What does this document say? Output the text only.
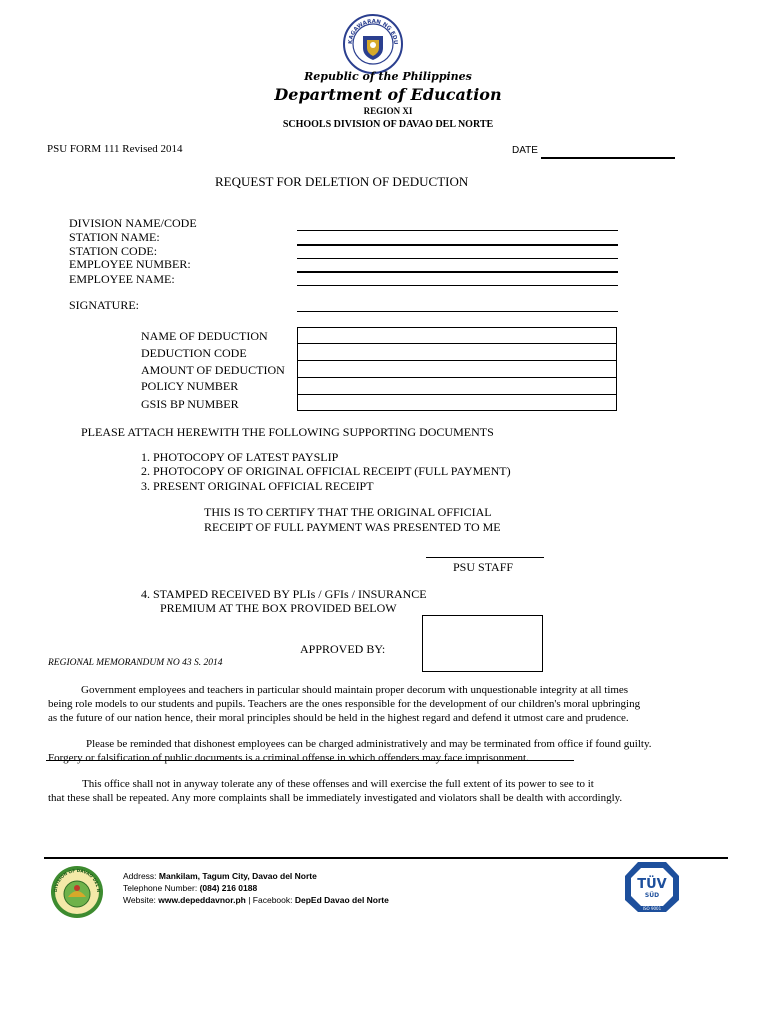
KAGAWARAN NG EDU
Republic of the Philippines
Department of Education
REGION XI
SCHOOLS DIVISION OF DAVAO DEL NORTE
PSU FORM 111 Revised 2014	DATE
REQUEST FOR DELETION OF DEDUCTION
DIVISION NAME/CODE
STATION NAME:
STATION CODE:
EMPLOYEE NUMBER:
EMPLOYEE NAME:
SIGNATURE:
NAME OF DEDUCTION
DEDUCTION CODE
AMOUNT OF DEDUCTION
POLICY NUMBER
GSIS BP NUMBER
PLEASE ATTACH HEREWITH THE FOLLOWING SUPPORTING DOCUMENTS
1. PHOTOCOPY OF LATEST PAYSLIP
2. PHOTOCOPY OF ORIGINAL OFFICIAL RECEIPT (FULL PAYMENT)
3. PRESENT ORIGINAL OFFICIAL RECEIPT
THIS IS TO CERTIFY THAT THE ORIGINAL OFFICIAL
RECEIPT OF FULL PAYMENT WAS PRESENTED TO ME
PSU STAFF
4. STAMPED RECEIVED BY PLIs / GFIs / INSURANCE
PREMIUM AT THE BOX PROVIDED BELOW
APPROVED BY:
REGIONAL MEMORANDUM NO 43 S. 2014
Government employees and teachers in particular should maintain proper decorum with unquestionable integrity at all times
being role models to our students and pupils. Teachers are the ones responsible for the development of our children's moral upbringing
as the future of our nation hence, their moral principles should be held in the highest regard and defend it utmost care and prudence.
Please be reminded that dishonest employees can be charged administratively and may be terminated from office if found guilty.
Forgery or falsification of public documents is a criminal offense in which offenders may face imprisonment.
This office shall not in anyway tolerate any of these offenses and will exercise the full extent of its power to see to it
that these shall be repeated. Any more complaints shall be immediately investigated and violators shall be dealth with accordingly.
DIVISION OF DAVAO DEL N
Address: Mankilam, Tagum City, Davao del Norte
Telephone Number: (084) 216 0188
Website: www.depeddavnor.ph | Facebook: DepEd Davao del Norte
TÜV
SÜD
ISO 9001
